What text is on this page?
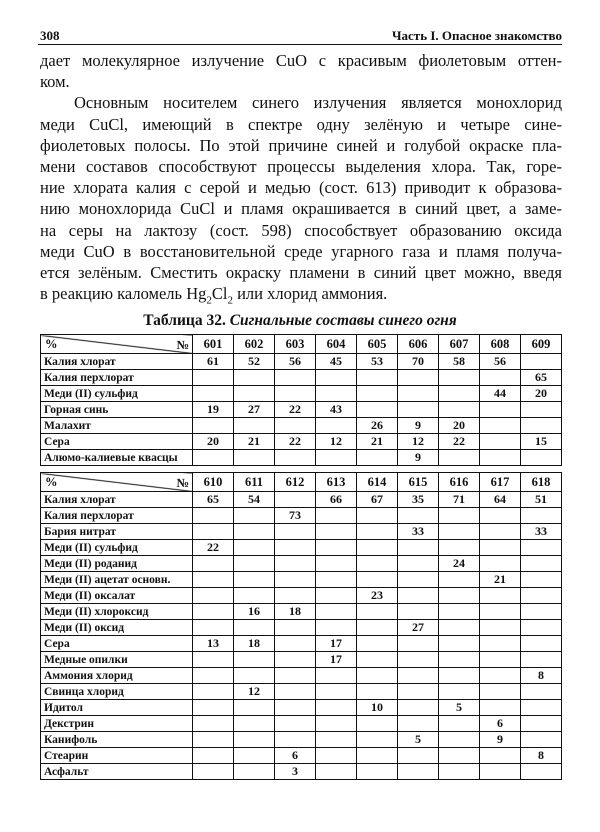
308	Часть I. Опасное знакомство
дает молекулярное излучение CuO с красивым фиолетовым оттен-
ком.
Основным носителем синего излучения является монохлорид
меди CuCl, имеющий в спектре одну зелёную и четыре сине-
фиолетовых полосы. По этой причине синей и голубой окраске пла-
мени составов способствуют процессы выделения хлора. Так, горе-
ние хлората калия с серой и медью (сост. 613) приводит к образова-
нию монохлорида CuCl и пламя окрашивается в синий цвет, а заме-
на серы на лактозу (сост. 598) способствует образованию оксида
меди CuO в восстановительной среде угарного газа и пламя получа-
ется зелёным. Сместить окраску пламени в синий цвет можно, введя
в реакцию каломель $Hg_2Cl_2$ или хлорид аммония.
Таблица 32. Сигнальные составы синего огня
% №	601	602	603	604	605	606	607	608	609
Калия хлорат	61	52	56	45	53	70	58	56	
Калия перхлорат									65
Меди (II) сульфид								44	20
Горная синь	19	27	22	43					
Малахит					26	9	20		
Сера	20	21	22	12	21	12	22		15
Алюмо-калиевые квасцы						9			
% №	610	611	612	613	614	615	616	617	618
Калия хлорат	65	54		66	67	35	71	64	51
Калия перхлорат			73						
Бария нитрат						33			33
Меди (II) сульфид	22								
Меди (II) роданид							24		
Меди (II) ацетат основн.								21	
Меди (II) оксалат					23				
Меди (II) хлороксид		16	18						
Меди (II) оксид						27			
Сера	13	18		17					
Медные опилки				17					
Аммония хлорид									8
Свинца хлорид		12							
Идитол					10		5		
Декстрин								6	
Канифоль						5		9	
Стеарин			6						8
Асфальт			3						
